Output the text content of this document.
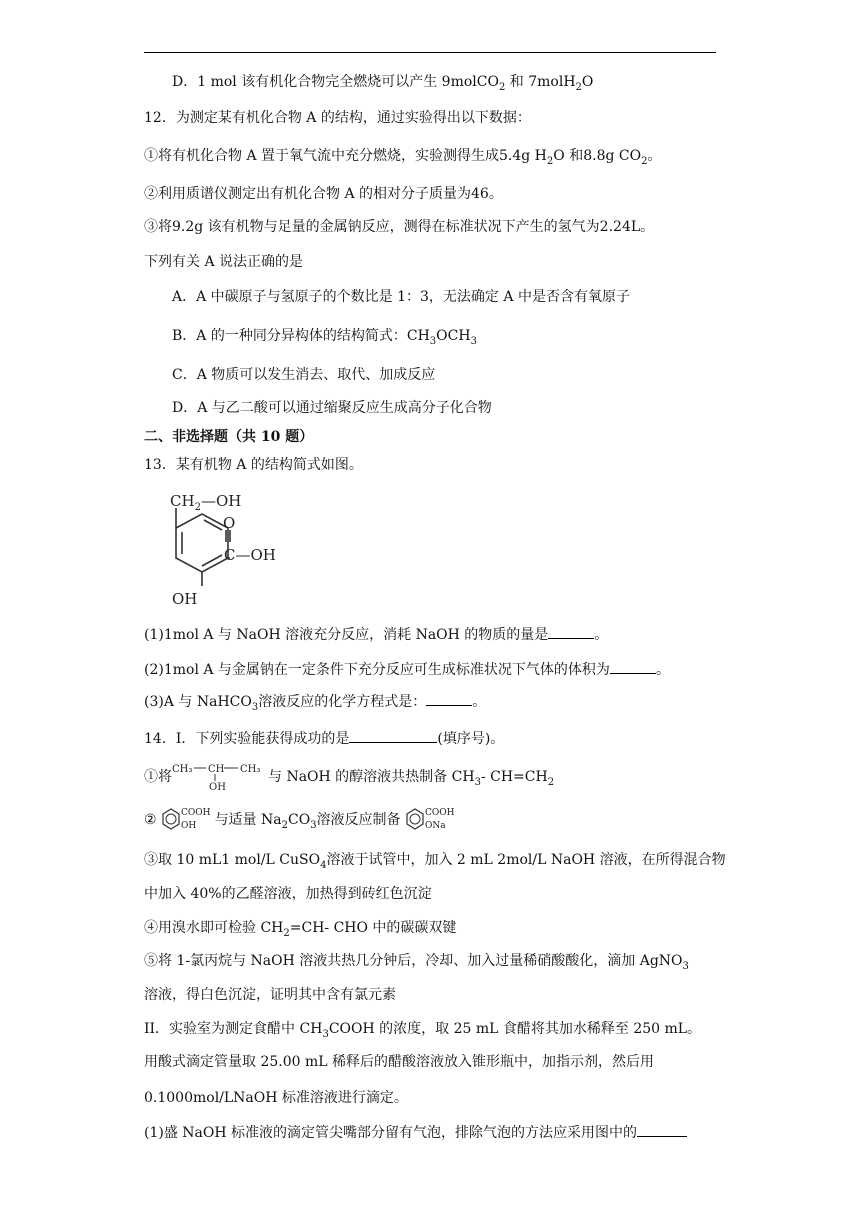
D．1 mol 该有机化合物完全燃烧可以产生 9molCO$_2$ 和 7molH$_2$O
12．为测定某有机化合物 A 的结构，通过实验得出以下数据：
①将有机化合物 A 置于氧气流中充分燃烧，实验测得生成5.4g $H_2O$ 和8.8g $CO_2$。
②利用质谱仪测定出有机化合物 A 的相对分子质量为46。
③将9.2g 该有机物与足量的金属钠反应，测得在标准状况下产生的氢气为2.24L。
下列有关 A 说法正确的是
A．A 中碳原子与氢原子的个数比是 1：3，无法确定 A 中是否含有氧原子
B．A 的一种同分异构体的结构简式：$CH_3OCH_3$
C．A 物质可以发生消去、取代、加成反应
D．A 与乙二酸可以通过缩聚反应生成高分子化合物
二、非选择题（共 10 题）
13．某有机物 A 的结构简式如图。
$CH_2—OH$
O
C—OH
OH
(1)1mol A 与 NaOH 溶液充分反应，消耗 NaOH 的物质的量是	。
(2)1mol A 与金属钠在一定条件下充分反应可生成标准状况下气体的体积为	。
(3)A 与 NaHCO$_3$溶液反应的化学方程式是：	。
14．I．下列实验能获得成功的是	(填序号)。
①将 CH₃ CH CH₃
OH
与 NaOH 的醇溶液共热制备 $CH_3-$ $CH=CH_2$
②	COOH
OH 与适量 $Na_2CO_3$溶液反应制备	COOH
ONa
③取 10 mL1 mol/L CuSO$_4$溶液于试管中，加入 2 mL 2mol/L NaOH 溶液，在所得混合物
中加入 40%的乙醛溶液，加热得到砖红色沉淀
④用溴水即可检验 $CH_2=CH-$ CHO 中的碳碳双键
⑤将 1-氯丙烷与 NaOH 溶液共热几分钟后，冷却、加入过量稀硝酸酸化，滴加 AgNO$_3$
溶液，得白色沉淀，证明其中含有氯元素
II．实验室为测定食醋中 $CH_3COOH$ 的浓度，取 25 mL 食醋将其加水稀释至 250 mL。
用酸式滴定管量取 25.00 mL 稀释后的醋酸溶液放入锥形瓶中，加指示剂，然后用
0.1000mol/LNaOH 标准溶液进行滴定。
(1)盛 NaOH 标准液的滴定管尖嘴部分留有气泡，排除气泡的方法应采用图中的
